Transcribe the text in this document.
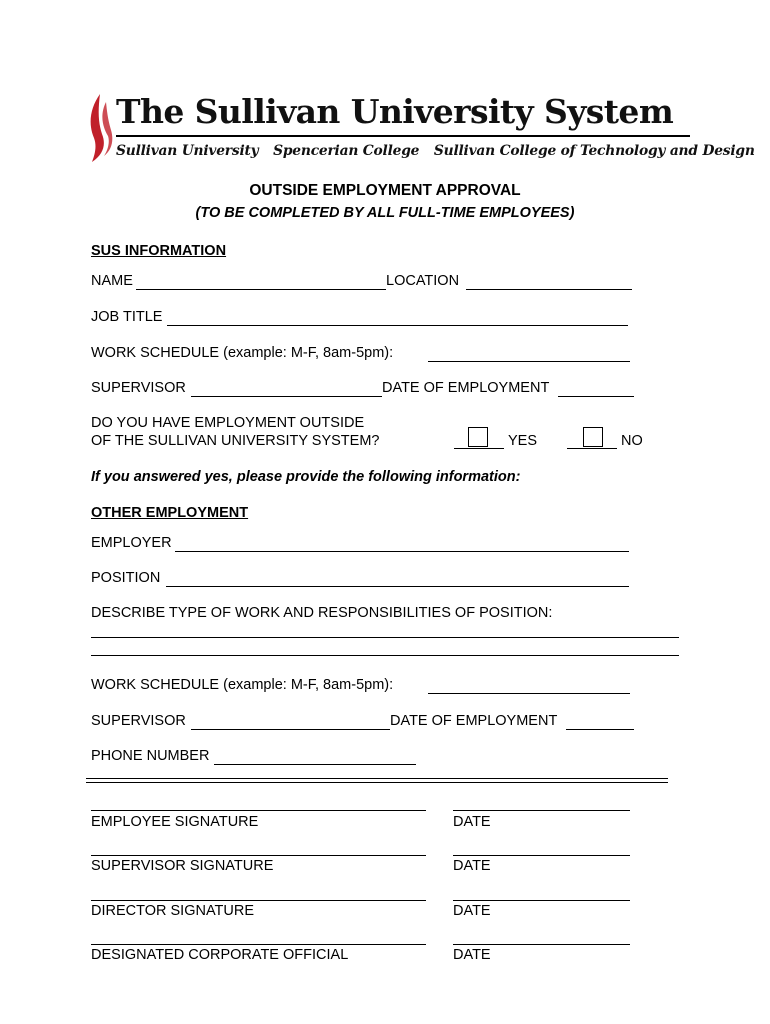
The Sullivan University System
Sullivan University Spencerian College Sullivan College of Technology and Design
OUTSIDE EMPLOYMENT APPROVAL
(TO BE COMPLETED BY ALL FULL-TIME EMPLOYEES)
SUS INFORMATION
NAME	LOCATION
JOB TITLE
WORK SCHEDULE (example: M-F, 8am-5pm):
SUPERVISOR	DATE OF EMPLOYMENT
DO YOU HAVE EMPLOYMENT OUTSIDE
OF THE SULLIVAN UNIVERSITY SYSTEM?	YES	NO
If you answered yes, please provide the following information:
OTHER EMPLOYMENT
EMPLOYER
POSITION
DESCRIBE TYPE OF WORK AND RESPONSIBILITIES OF POSITION:
WORK SCHEDULE (example: M-F, 8am-5pm):
SUPERVISOR	DATE OF EMPLOYMENT
PHONE NUMBER
EMPLOYEE SIGNATURE	DATE
SUPERVISOR SIGNATURE	DATE
DIRECTOR SIGNATURE	DATE
DESIGNATED CORPORATE OFFICIAL	DATE
